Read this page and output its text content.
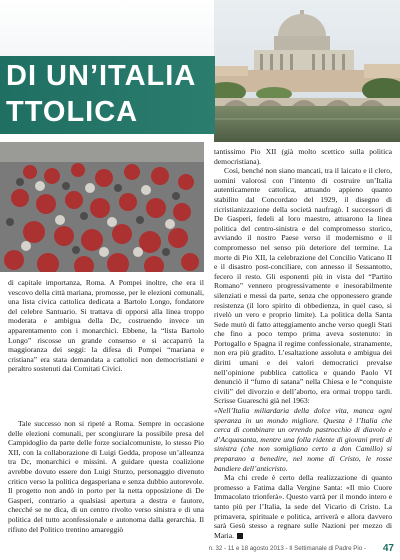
DI UN’ITALIA
TTOLICA

tantissimo Pio XII (già molto scettico sulla politica democristiana).

Così, benché non siano mancati, tra il laicato e il clero, uomini valorosi con l’intento di costruire un’Italia autenticamente cattolica, attuando appieno quanto stabilito dal Concordato del 1929, il disegno di ricristianizzazione della società naufragò. I successori di De Gasperi, fedeli al loro maestro, attuarono la linea politica del centro-sinistra e del compromesso storico, avviando il nostro Paese verso il modernismo e il compromesso nel senso più deteriore del termine. La morte di Pio XII, la celebrazione del Concilio Vaticano II e il disastro post-conciliare, con annesso il Sessantotto, fecero il resto. Gli esponenti più in vista del “Partito Romano” vennero progressivamente e inesorabilmente silenziati e messi da parte, senza che opponessero grande resistenza (il loro spirito di obbedienza, in quel caso, si rivelò un vero e proprio limite). La politica della Santa Sede mutò di fatto atteggiamento anche verso quegli Stati che fino a poco tempo prima aveva sostenuto: in Portogallo e Spagna il regime confessionale, stranamente, non era più gradito. L’esaltazione assoluta e ambigua dei diritti umani e dei valori democratici prevalse nell’opinione pubblica cattolica e quando Paolo VI denunciò il “fumo di satana” nella Chiesa e le “conquiste civili” del divorzio e dell’aborto, era ormai troppo tardi. Scrisse Guareschi già nel 1963:

«Nell’Italia miliardaria della dolce vita, manca ogni speranza in un mondo migliore. Questa è l’Italia che cerca di combinare un orrendo pastrocchio di diavolo e d’Acquasanta, mentre una folla ridente di giovani preti di sinistra (che non somigliano certo a don Camillo) si preparano a benedire, nel nome di Cristo, le rosse bandiere dell’anticristo.

Ma chi crede è certo della realizzazione di quanto promesso a Fatima dalla Vergine Santa: «Il mio Cuore Immacolato trionferà». Questo varrà per il mondo intero e tanto più per l’Italia, la sede del Vicario di Cristo. La primavera, spirituale e politica, arriverà e allora davvero sarà Gesù stesso a regnare sulle Nazioni per mezzo di Maria.

di capitale importanza, Roma. A Pompei inoltre, che era il vescovo della città mariana, promosse, per le elezioni comunali, una lista civica cattolica dedicata a Bartolo Longo, fondatore del celebre Santuario. Si trattava di opporsi alla linea troppo moderata e ambigua della Dc, costruendo invece un apparentamento con i monarchici. Ebbene, la “lista Bartolo Longo” riscosse un grande consenso e si accaparrò la maggioranza dei seggi: la difesa di Pompei “mariana e cristiana” era stata demandata a cattolici non democristiani e peraltro sostenuti dai Comitati Civici.

Tale successo non si ripeté a Roma. Sempre in occasione delle elezioni comunali, per scongiurare la possibile presa del Campidoglio da parte delle forze socialcomuniste, lo stesso Pio XII, con la collaborazione di Luigi Gedda, propose un’alleanza tra Dc, monarchici e missini. A guidare questa coalizione avrebbe dovuto essere don Luigi Sturzo, personaggio divenuto critico verso la politica degasperiana e senza dubbio autorevole. Il progetto non andò in porto per la netta opposizione di De Gasperi, contrario a qualsiasi apertura a destra e fautore, checché se ne dica, di un centro rivolto verso sinistra e di una politica del tutto aconfessionale e autonoma dalla gerarchia. Il rifiuto del Politico trentino amareggiò

n. 32 - 11 e 18 agosto 2013 - Il Settimanale di Padre Pio - 47
